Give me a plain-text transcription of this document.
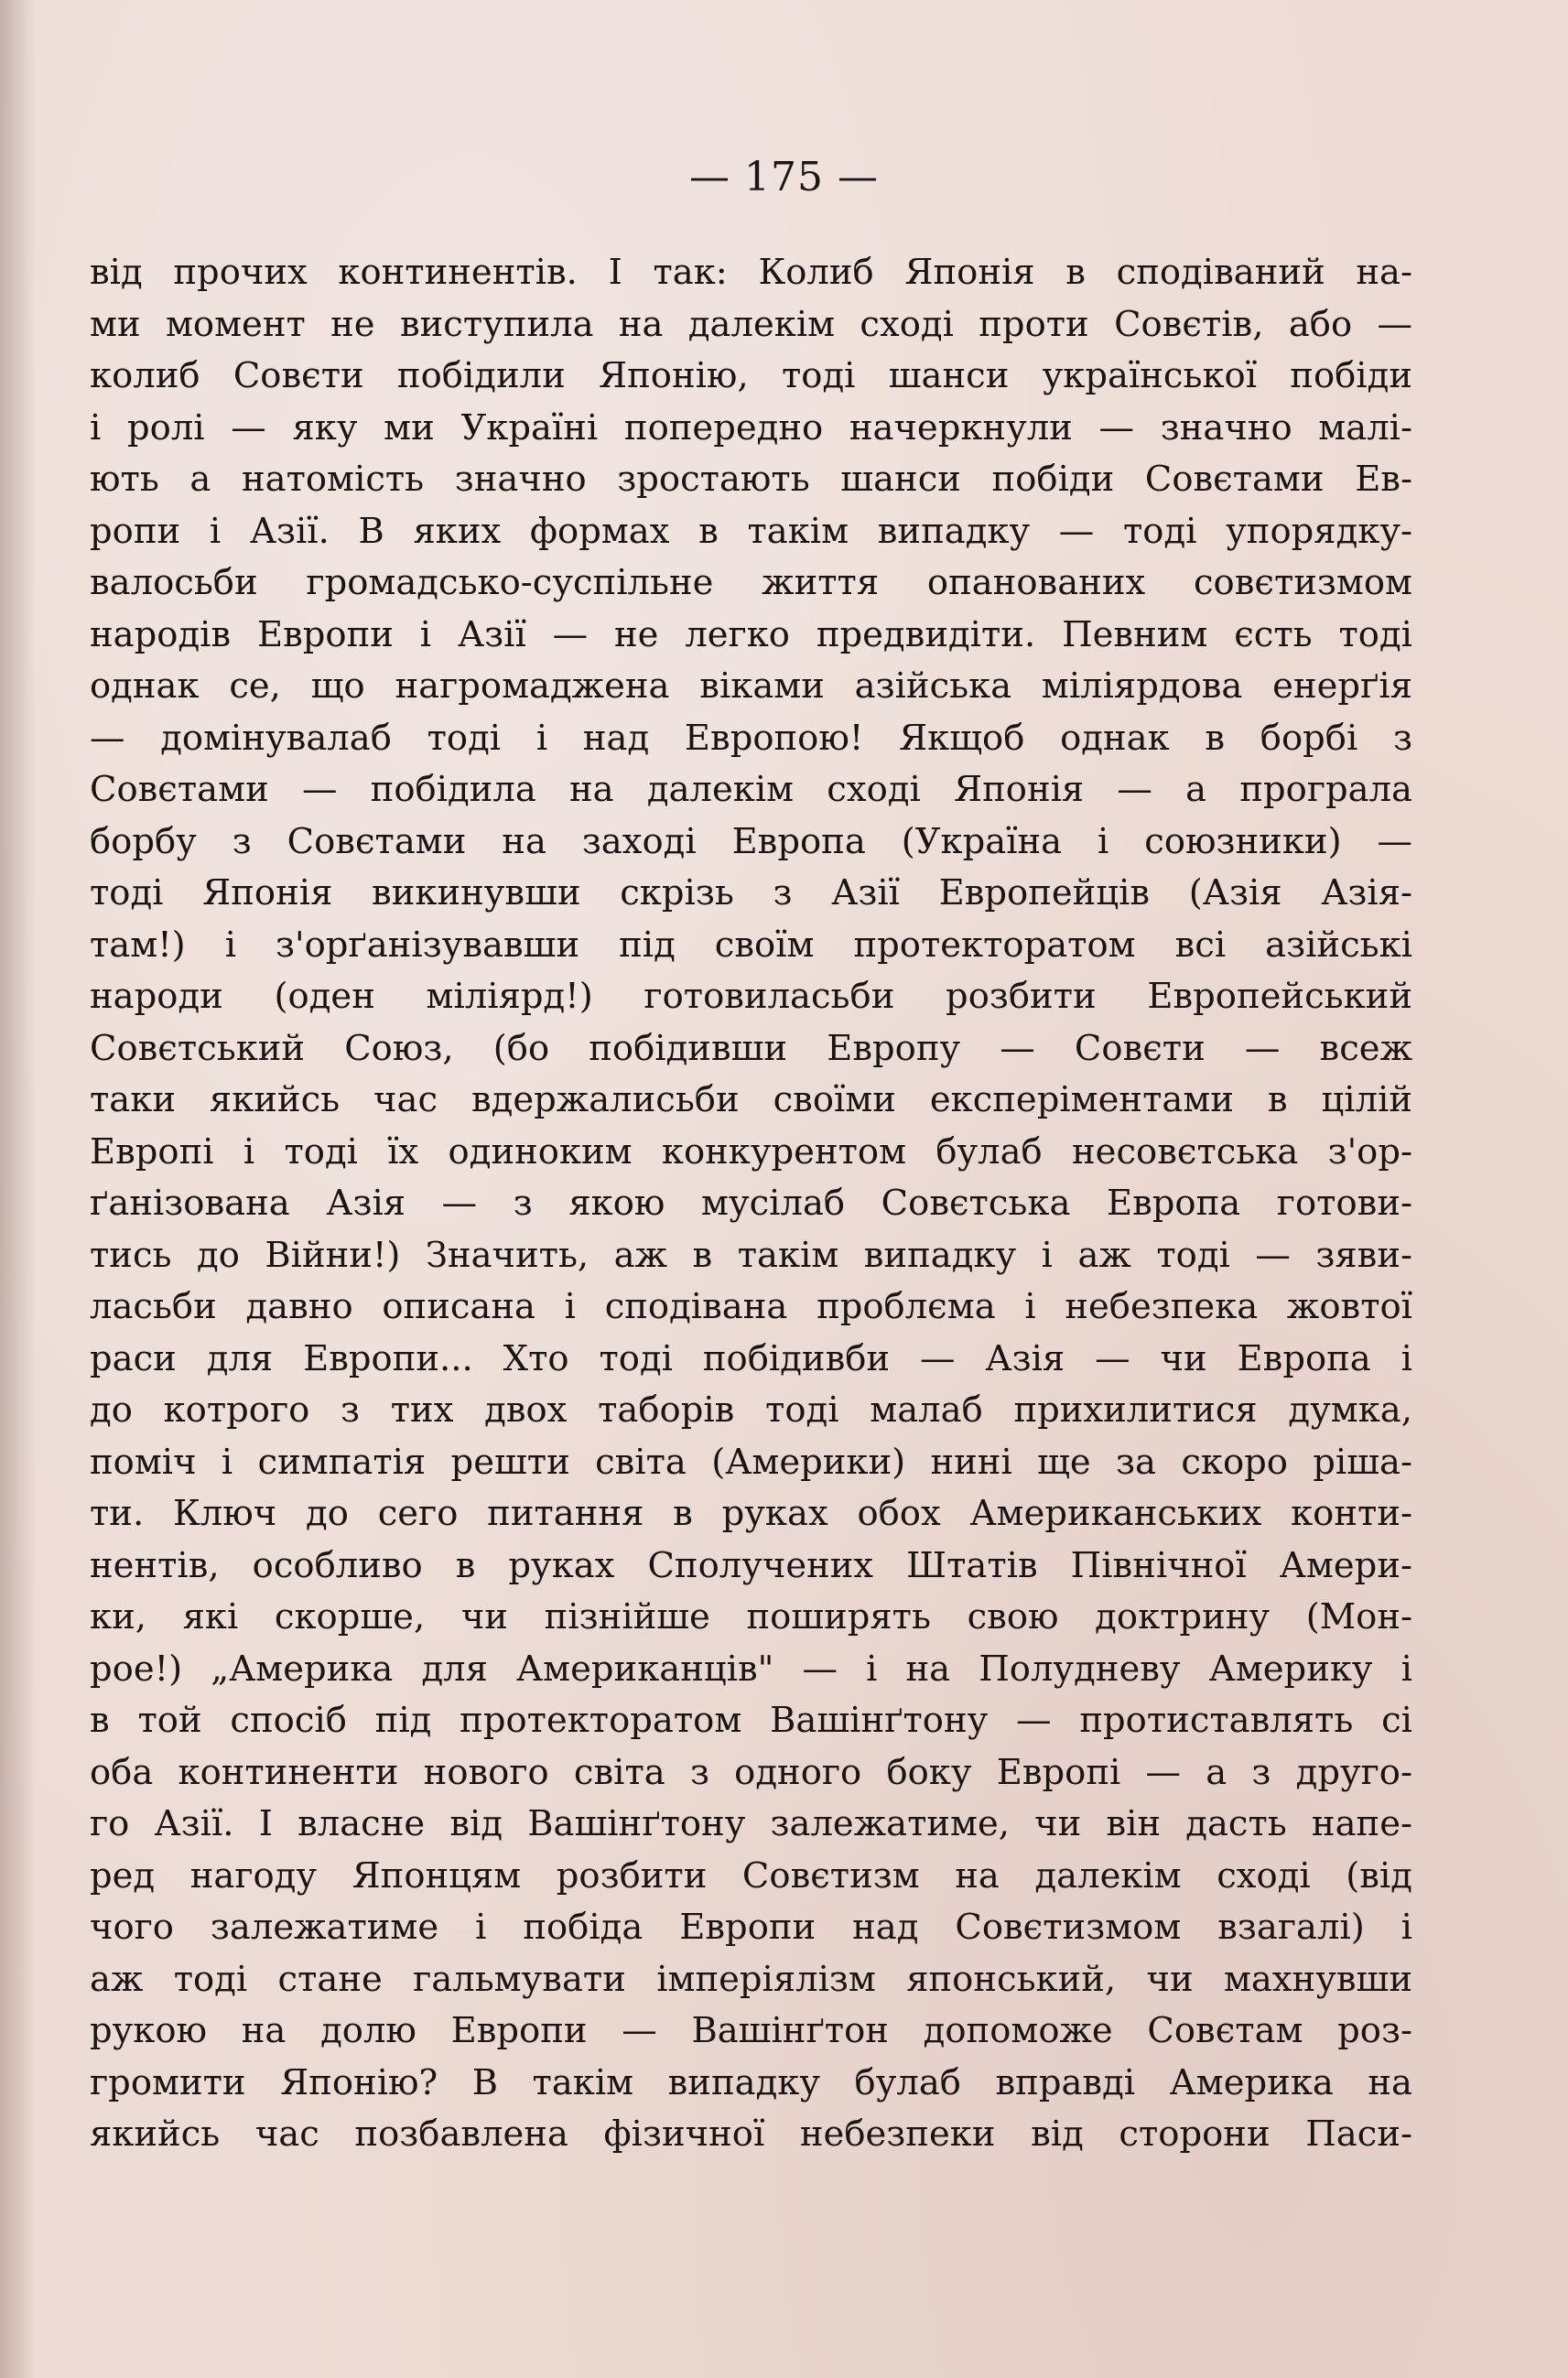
— 175 —
від прочих континентів. І так: Колиб Японія в сподіваний на-
ми момент не виступила на далекім сході проти Совєтів, або —
колиб Совєти побідили Японію, тоді шанси української побіди
і ролі — яку ми Україні попередно начеркнули — значно малі-
ють а натомість значно зростають шанси побіди Совєтами Ев-
ропи і Азії. В яких формах в такім випадку — тоді упорядку-
валосьби громадсько-суспільне життя опанованих совєтизмом
народів Европи і Азії — не легко предвидіти. Певним єсть тоді
однак се, що нагромаджена віками азійська міліярдова енерґія
— домінувалаб тоді і над Европою! Якщоб однак в борбі з
Совєтами — побідила на далекім сході Японія — а програла
борбу з Совєтами на заході Европа (Україна і союзники) —
тоді Японія викинувши скрізь з Азії Европейців (Азія Азія-
там!) і з'орґанізувавши під своїм протекторатом всі азійські
народи (оден міліярд!) готовиласьби розбити Европейський
Совєтський Союз, (бо побідивши Европу — Совєти — всеж
таки якийсь час вдержалисьби своїми експеріментами в цілій
Европі і тоді їх одиноким конкурентом булаб несовєтська з'ор-
ґанізована Азія — з якою мусілаб Совєтська Европа готови-
тись до Війни!) Значить, аж в такім випадку і аж тоді — зяви-
ласьби давно описана і сподівана проблєма і небезпека жовтої
раси для Европи... Хто тоді побідивби — Азія — чи Европа і
до котрого з тих двох таборів тоді малаб прихилитися думка,
поміч і симпатія решти світа (Америки) нині ще за скоро ріша-
ти. Ключ до сего питання в руках обох Американських конти-
нентів, особливо в руках Сполучених Штатів Північної Амери-
ки, які скорше, чи пізнійше поширять свою доктрину (Мон-
рое!) „Америка для Американців" — і на Полудневу Америку і
в той спосіб під протекторатом Вашінґтону — протиставлять сі
оба континенти нового світа з одного боку Европі — а з друго-
го Азії. І власне від Вашінґтону залежатиме, чи він дасть напе-
ред нагоду Японцям розбити Совєтизм на далекім сході (від
чого залежатиме і побіда Европи над Совєтизмом взагалі) і
аж тоді стане гальмувати імперіялізм японський, чи махнувши
рукою на долю Европи — Вашінґтон допоможе Совєтам роз-
громити Японію? В такім випадку булаб вправді Америка на
якийсь час позбавлена фізичної небезпеки від сторони Паси-
